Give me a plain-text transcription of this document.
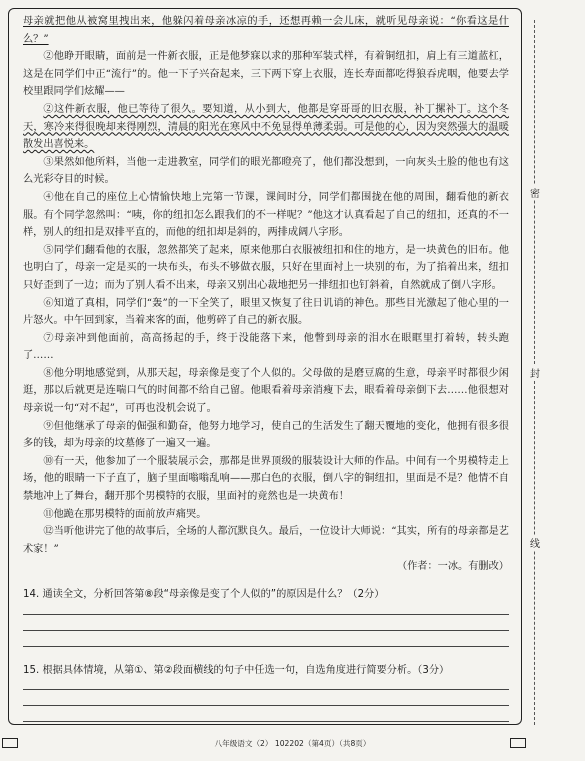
母亲就把他从被窝里拽出来，他躲闪着母亲冰凉的手，还想再赖一会儿床，就听见母亲说：“你看这是什么？”

②他睁开眼睛，面前是一件新衣服，正是他梦寐以求的那种军装式样，有着铜纽扣，肩上有三道蓝杠，这是在同学们中正“流行”的。他一下子兴奋起来，三下两下穿上衣服，连长寿面都吃得狼吞虎咽，他要去学校里跟同学们炫耀——

②这件新衣服，他已等待了很久。要知道，从小到大，他都是穿哥哥的旧衣服，补丁摞补丁。这个冬天，寒冷来得很晚却来得刚烈，清晨的阳光在寒风中不免显得单薄柔弱。可是他的心，因为突然强大的温暖散发出喜悦来。

③果然如他所料，当他一走进教室，同学们的眼光都瞪亮了，他们都没想到，一向灰头土脸的他也有这么光彩夺目的时候。

④他在自己的座位上心情愉快地上完第一节课，课间时分，同学们都围拢在他的周围，翻看他的新衣服。有个同学忽然叫：“咦，你的纽扣怎么跟我们的不一样呢？”他这才认真看起了自己的纽扣，还真的不一样，别人的纽扣是双排平直的，而他的纽扣却是斜的，两排成阔八字形。

⑤同学们翻看他的衣服，忽然都笑了起来，原来他那白衣服被纽扣和住的地方，是一块黄色的旧布。他也明白了，母亲一定是买的一块布头，布头不够做衣服，只好在里面衬上一块别的布，为了掐着出来，纽扣只好歪到了一边；而为了别人看不出来，母亲又别出心裁地把另一排纽扣也钉斜着，自然就成了倒八字形。

⑥知道了真相，同学们“轰”的一下全笑了，眼里又恢复了往日讥诮的神色。那些目光激起了他心里的一片怒火。中午回到家，当着来客的面，他剪碎了自己的新衣服。

⑦母亲冲到他面前，高高扬起的手，终于没能落下来，他瞥到母亲的泪水在眼眶里打着转，转头跑了……

⑧他分明地感觉到，从那天起，母亲像是变了个人似的。父母做的是磨豆腐的生意，母亲平时都很少闲逛，那以后就更是连喘口气的时间都不给自己留。他眼看着母亲消瘦下去，眼看着母亲倒下去……他很想对母亲说一句“对不起”，可再也没机会说了。

⑨但他继承了母亲的倔强和勤奋，他努力地学习，使自己的生活发生了翻天覆地的变化，他拥有很多很多的钱，却为母亲的坟墓修了一遍又一遍。

⑩有一天，他参加了一个服装展示会，那都是世界顶级的服装设计大师的作品。中间有一个男模特走上场，他的眼睛一下子直了，脑子里面嗡嗡乱响——那白色的衣服，倒八字的铜纽扣，里面是不是？他情不自禁地冲上了舞台，翻开那个男模特的衣服，里面衬的竟然也是一块黄布！

⑪他跪在那男模特的面前放声痛哭。

⑫当听他讲完了他的故事后，全场的人都沉默良久。最后，一位设计大师说：“其实，所有的母亲都是艺术家！”

（作者：一冰。有删改）

14. 通读全文，分析回答第⑧段“母亲像是变了个人似的”的原因是什么？（2分）

15. 根据具体情境，从第①、第②段面横线的句子中任选一句，自选角度进行简要分析。（3分）

密
封
线
八年级语文（2） 102202（第4页）（共8页）
